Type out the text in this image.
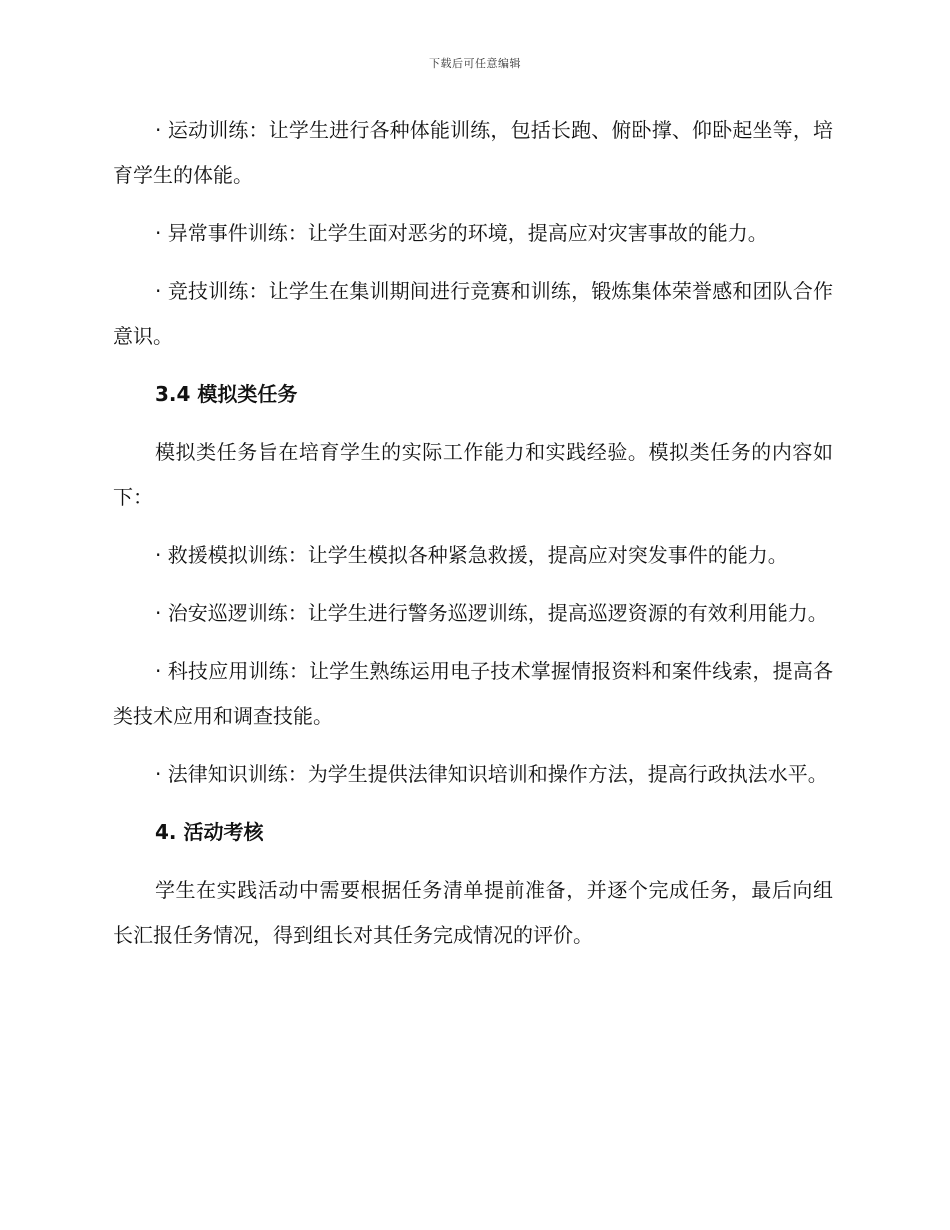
下载后可任意编辑

· 运动训练：让学生进行各种体能训练，包括长跑、俯卧撑、仰卧起坐等，培育学生的体能。

· 异常事件训练：让学生面对恶劣的环境，提高应对灾害事故的能力。

· 竞技训练：让学生在集训期间进行竞赛和训练，锻炼集体荣誉感和团队合作意识。

3.4 模拟类任务

模拟类任务旨在培育学生的实际工作能力和实践经验。模拟类任务的内容如下：

· 救援模拟训练：让学生模拟各种紧急救援，提高应对突发事件的能力。

· 治安巡逻训练：让学生进行警务巡逻训练，提高巡逻资源的有效利用能力。

· 科技应用训练：让学生熟练运用电子技术掌握情报资料和案件线索，提高各类技术应用和调查技能。

· 法律知识训练：为学生提供法律知识培训和操作方法，提高行政执法水平。

4. 活动考核

学生在实践活动中需要根据任务清单提前准备，并逐个完成任务，最后向组长汇报任务情况，得到组长对其任务完成情况的评价。
